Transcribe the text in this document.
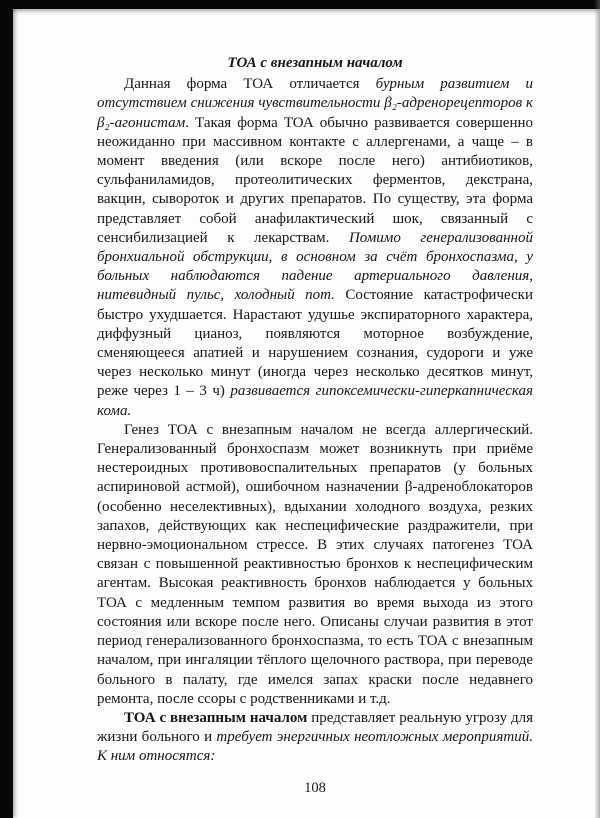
ТОА с внезапным началом

Данная форма ТОА отличается бурным развитием и отсутствием снижения чувствительности β₂-адренорецепторов к β₂-агонистам. Такая форма ТОА обычно развивается совершенно неожиданно при массивном контакте с аллергенами, а чаще – в момент введения (или вскоре после него) антибиотиков, сульфаниламидов, протеолитических ферментов, декстрана, вакцин, сывороток и других препаратов. По существу, эта форма представляет собой анафилактический шок, связанный с сенсибилизацией к лекарствам. Помимо генерализованной бронхиальной обструкции, в основном за счёт бронхоспазма, у больных наблюдаются падение артериального давления, нитевидный пульс, холодный пот. Состояние катастрофически быстро ухудшается. Нарастают удушье экспираторного характера, диффузный цианоз, появляются моторное возбуждение, сменяющееся апатией и нарушением сознания, судороги и уже через несколько минут (иногда через несколько десятков минут, реже через 1 – 3 ч) развивается гипоксемически-гиперкапническая кома.

Генез ТОА с внезапным началом не всегда аллергический. Генерализованный бронхоспазм может возникнуть при приёме нестероидных противовоспалительных препаратов (у больных аспириновой астмой), ошибочном назначении β-адреноблокаторов (особенно неселективных), вдыхании холодного воздуха, резких запахов, действующих как неспецифические раздражители, при нервно-эмоциональном стрессе. В этих случаях патогенез ТОА связан с повышенной реактивностью бронхов к неспецифическим агентам. Высокая реактивность бронхов наблюдается у больных ТОА с медленным темпом развития во время выхода из этого состояния или вскоре после него. Описаны случаи развития в этот период генерализованного бронхоспазма, то есть ТОА с внезапным началом, при ингаляции тёплого щелочного раствора, при переводе больного в палату, где имелся запах краски после недавнего ремонта, после ссоры с родственниками и т.д.

ТОА с внезапным началом представляет реальную угрозу для жизни больного и требует энергичных неотложных мероприятий. К ним относятся:

108
